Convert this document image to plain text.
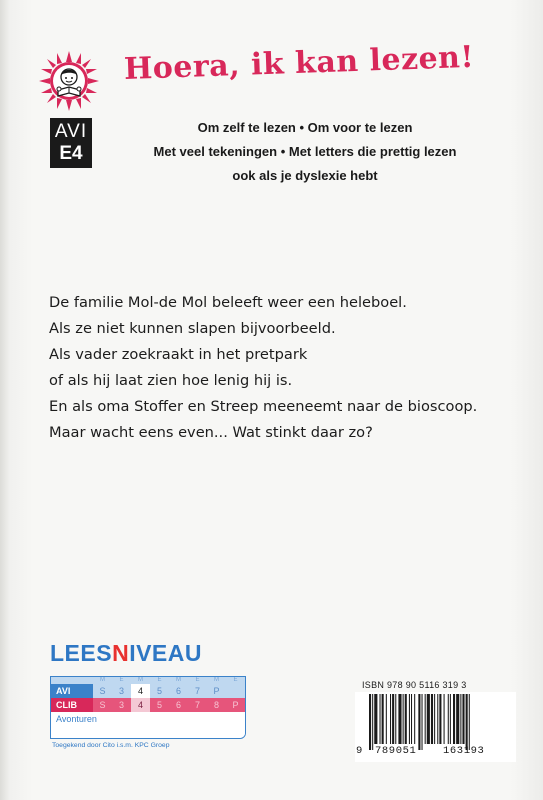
AVI
E4
Hoera, ik kan lezen!
Om zelf te lezen • Om voor te lezen
Met veel tekeningen • Met letters die prettig lezen
ook als je dyslexie hebt
De familie Mol-de Mol beleeft weer een heleboel.
Als ze niet kunnen slapen bijvoorbeeld.
Als vader zoekraakt in het pretpark
of als hij laat zien hoe lenig hij is.
En als oma Stoffer en Streep meeneemt naar de bioscoop.
Maar wacht eens even... Wat stinkt daar zo?
LEESNIVEAU
M	E	M	E	M	E	M	E
AVI	S	3	4	5	6	7	P
CLIB	S	3	4	5	6	7	8	P
Avonturen
Toegekend door Cito i.s.m. KPC Groep
ISBN 978 90 5116 319 3
9 789051	163193
